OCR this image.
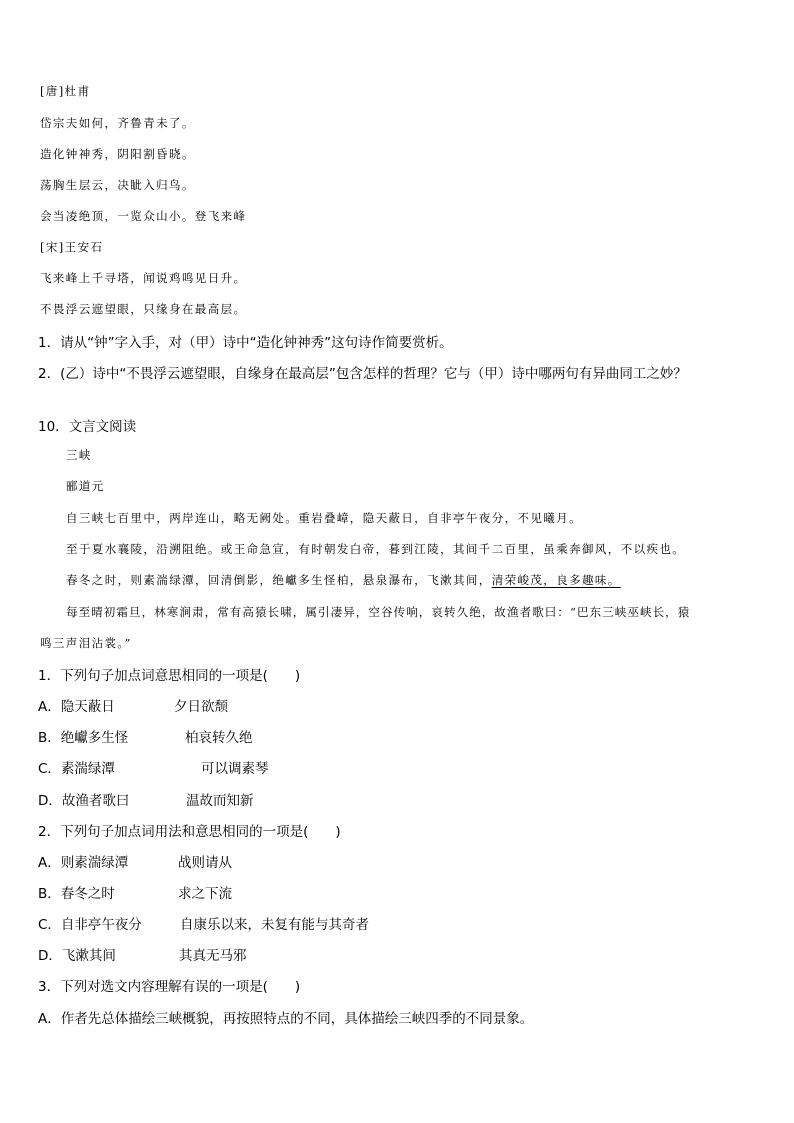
[唐]杜甫

岱宗夫如何，齐鲁青未了。

造化钟神秀，阴阳割昏晓。

荡胸生层云，决眦入归鸟。

会当凌绝顶，一览众山小。登飞来峰

[宋]王安石

飞来峰上千寻塔，闻说鸡鸣见日升。

不畏浮云遮望眼，只缘身在最高层。

1．请从“钟”字入手，对（甲）诗中“造化钟神秀”这句诗作简要赏析。

2．(乙）诗中“不畏浮云遮望眼，自缘身在最高层”包含怎样的哲理？它与（甲）诗中哪两句有异曲同工之妙？

10．文言文阅读

三峡

郦道元

自三峡七百里中，两岸连山，略无阙处。重岩叠嶂，隐天蔽日，自非亭午夜分，不见曦月。

至于夏水襄陵，沿溯阻绝。或王命急宣，有时朝发白帝，暮到江陵，其间千二百里，虽乘奔御风，不以疾也。

春冬之时，则素湍绿潭，回清倒影，绝巘多生怪柏，悬泉瀑布，飞漱其间，清荣峻茂，良多趣味。

每至晴初霜旦，林寒涧肃，常有高猿长啸，属引凄异，空谷传响，哀转久绝，故渔者歌曰：“巴东三峡巫峡长，猿

鸣三声泪沾裳。”

1．下列句子加点词意思相同的一项是(　　)

A．隐天蔽日	夕日欲颓
B．绝巘多生怪	柏哀转久绝
C．素湍绿潭	可以调素琴
D．故渔者歌曰	温故而知新

2．下列句子加点词用法和意思相同的一项是(　　)

A．则素湍绿潭	战则请从
B．春冬之时	求之下流
C．自非亭午夜分	自康乐以来，未复有能与其奇者
D．飞漱其间	其真无马邪

3．下列对选文内容理解有误的一项是(　　)

A．作者先总体描绘三峡概貌，再按照特点的不同，具体描绘三峡四季的不同景象。
